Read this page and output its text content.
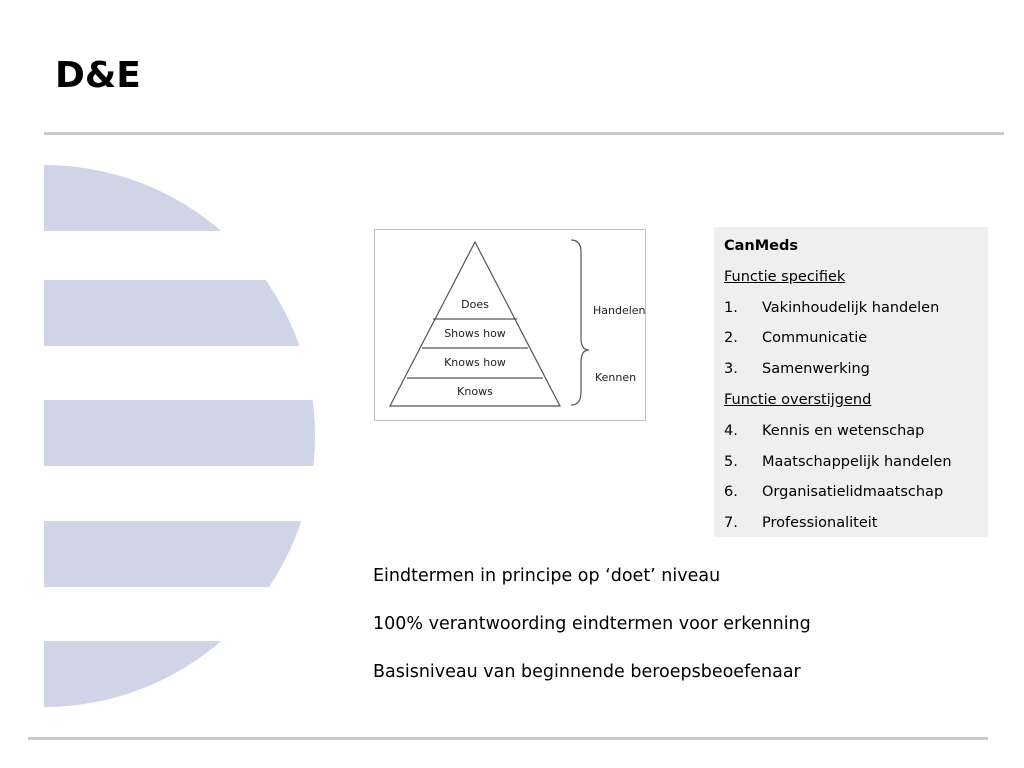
D&E
Does
Shows how
Knows how
Knows
Handelen
Kennen
CanMeds
Functie specifiek
1. Vakinhoudelijk handelen
2. Communicatie
3. Samenwerking
Functie overstijgend
4. Kennis en wetenschap
5. Maatschappelijk handelen
6. Organisatielidmaatschap
7. Professionaliteit
Eindtermen in principe op ‘doet’ niveau
100% verantwoording eindtermen voor erkenning
Basisniveau van beginnende beroepsbeoefenaar
